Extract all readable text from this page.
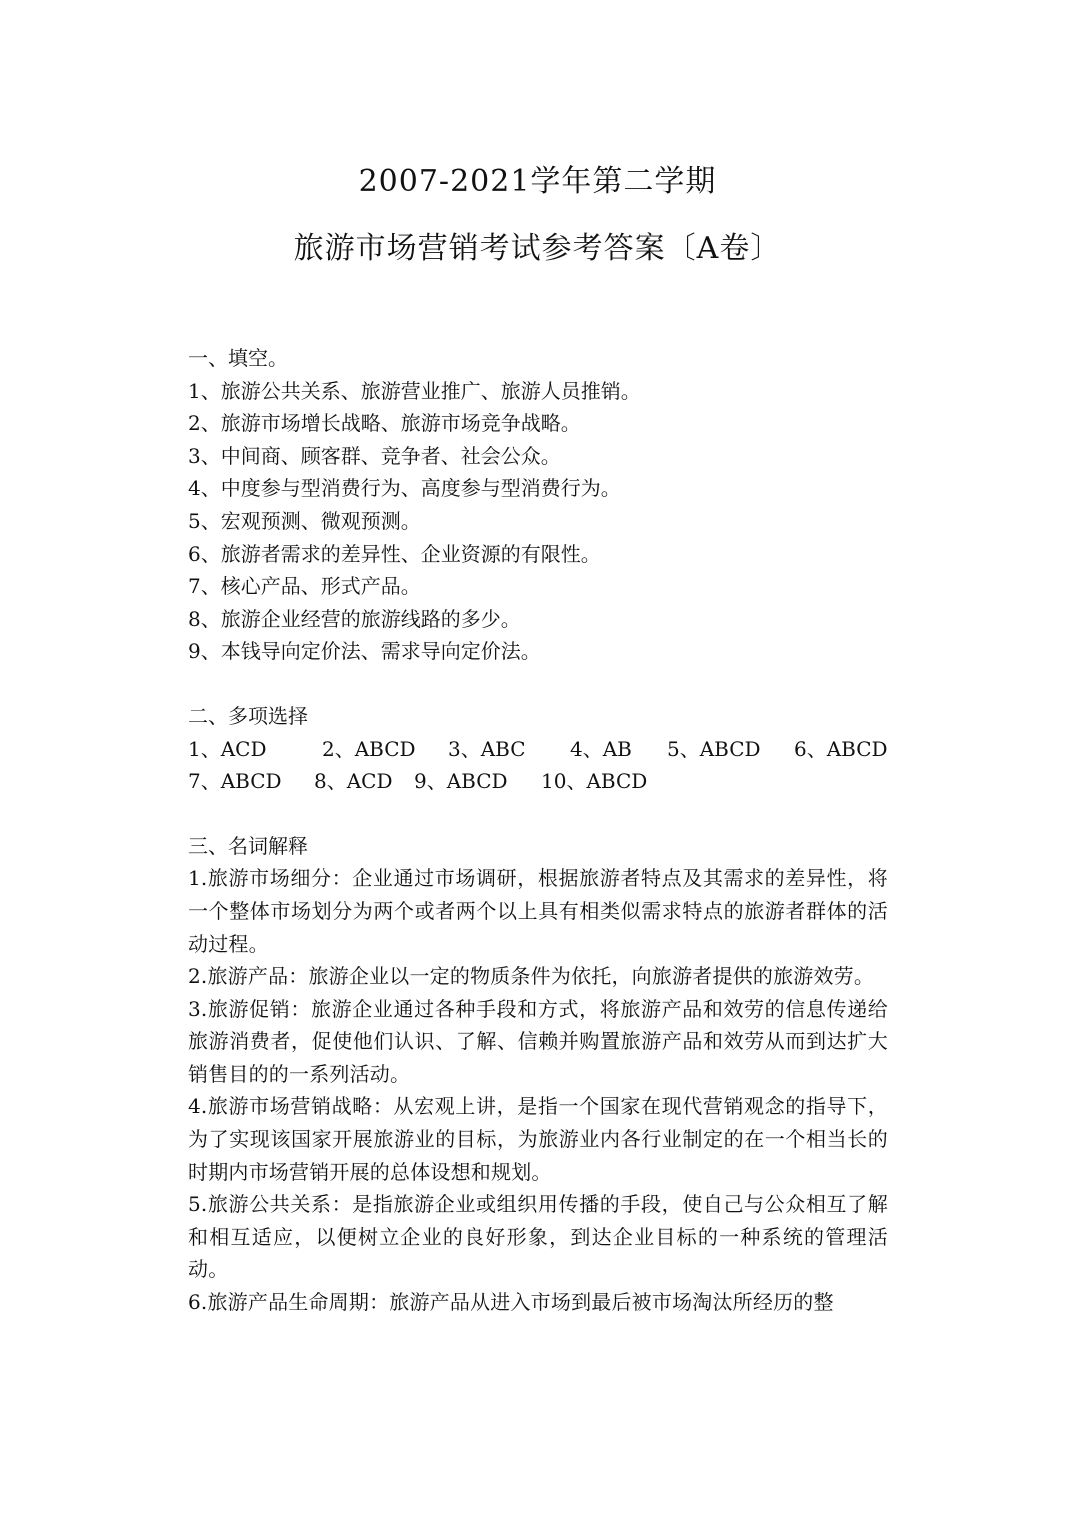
2007-2021学年第二学期
旅游市场营销考试参考答案〔A卷〕
一、填空。
1、旅游公共关系、旅游营业推广、旅游人员推销。
2、旅游市场增长战略、旅游市场竞争战略。
3、中间商、顾客群、竞争者、社会公众。
4、中度参与型消费行为、高度参与型消费行为。
5、宏观预测、微观预测。
6、旅游者需求的差异性、企业资源的有限性。
7、核心产品、形式产品。
8、旅游企业经营的旅游线路的多少。
9、本钱导向定价法、需求导向定价法。
二、多项选择
1、ACD	2、ABCD 3、ABC 4、AB 5、ABCD 6、ABCD
7、ABCD 8、ACD 9、ABCD 10、ABCD
三、名词解释
1.旅游市场细分：企业通过市场调研，根据旅游者特点及其需求的差异性，将一个整体市场划分为两个或者两个以上具有相类似需求特点的旅游者群体的活动过程。
2.旅游产品：旅游企业以一定的物质条件为依托，向旅游者提供的旅游效劳。
3.旅游促销：旅游企业通过各种手段和方式，将旅游产品和效劳的信息传递给旅游消费者，促使他们认识、了解、信赖并购置旅游产品和效劳从而到达扩大销售目的的一系列活动。
4.旅游市场营销战略：从宏观上讲，是指一个国家在现代营销观念的指导下，为了实现该国家开展旅游业的目标，为旅游业内各行业制定的在一个相当长的时期内市场营销开展的总体设想和规划。
5.旅游公共关系：是指旅游企业或组织用传播的手段，使自己与公众相互了解和相互适应，以便树立企业的良好形象，到达企业目标的一种系统的管理活动。
6.旅游产品生命周期：旅游产品从进入市场到最后被市场淘汰所经历的整
